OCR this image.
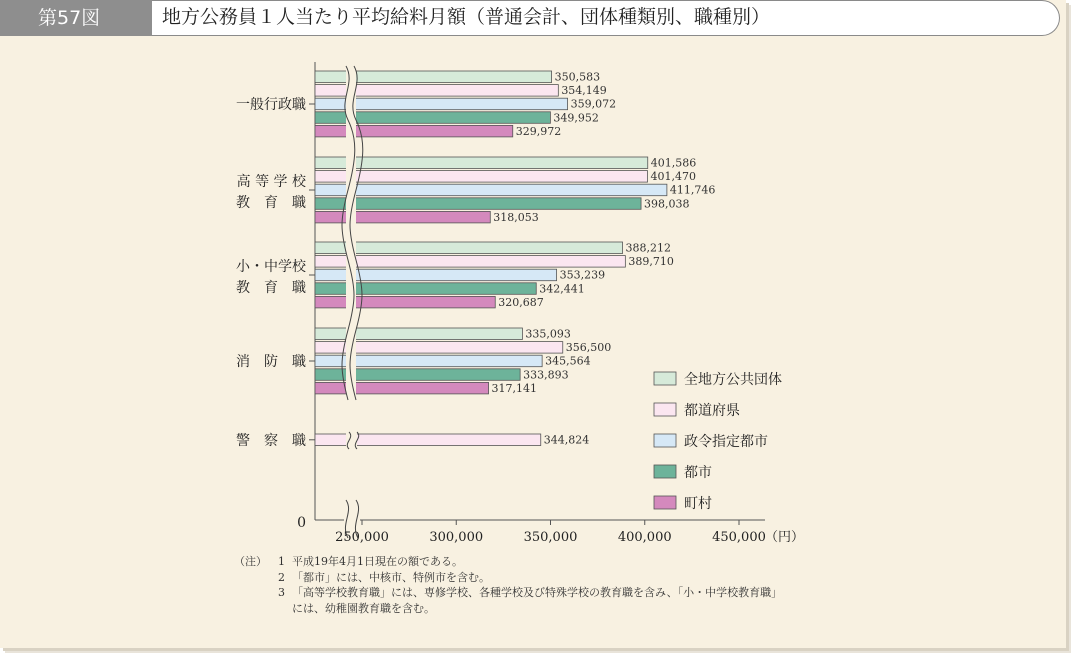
第57図	地方公務員１人当たり平均給料月額（普通会計、団体種類別、職種別）
一般行政職
高 等 学 校
教　育　職
小・中学校
教　育　職
消　防　職
警　察　職
0
350,583
354,149
359,072
349,952
329,972
401,586
401,470
411,746
398,038
318,053
388,212
389,710
353,239
342,441
320,687
335,093
356,500
345,564
333,893
317,141
344,824
250,000	300,000	350,000	400,000	450,000 （円）
全地方公共団体
都道府県
政令指定都市
都市
町村
（注）	1 平成19年4月1日現在の額である。
2 「都市」には、中核市、特例市を含む。
3 「高等学校教育職」には、専修学校、各種学校及び特殊学校の教育職を含み、「小・中学校教育職」
には、幼稚園教育職を含む。
